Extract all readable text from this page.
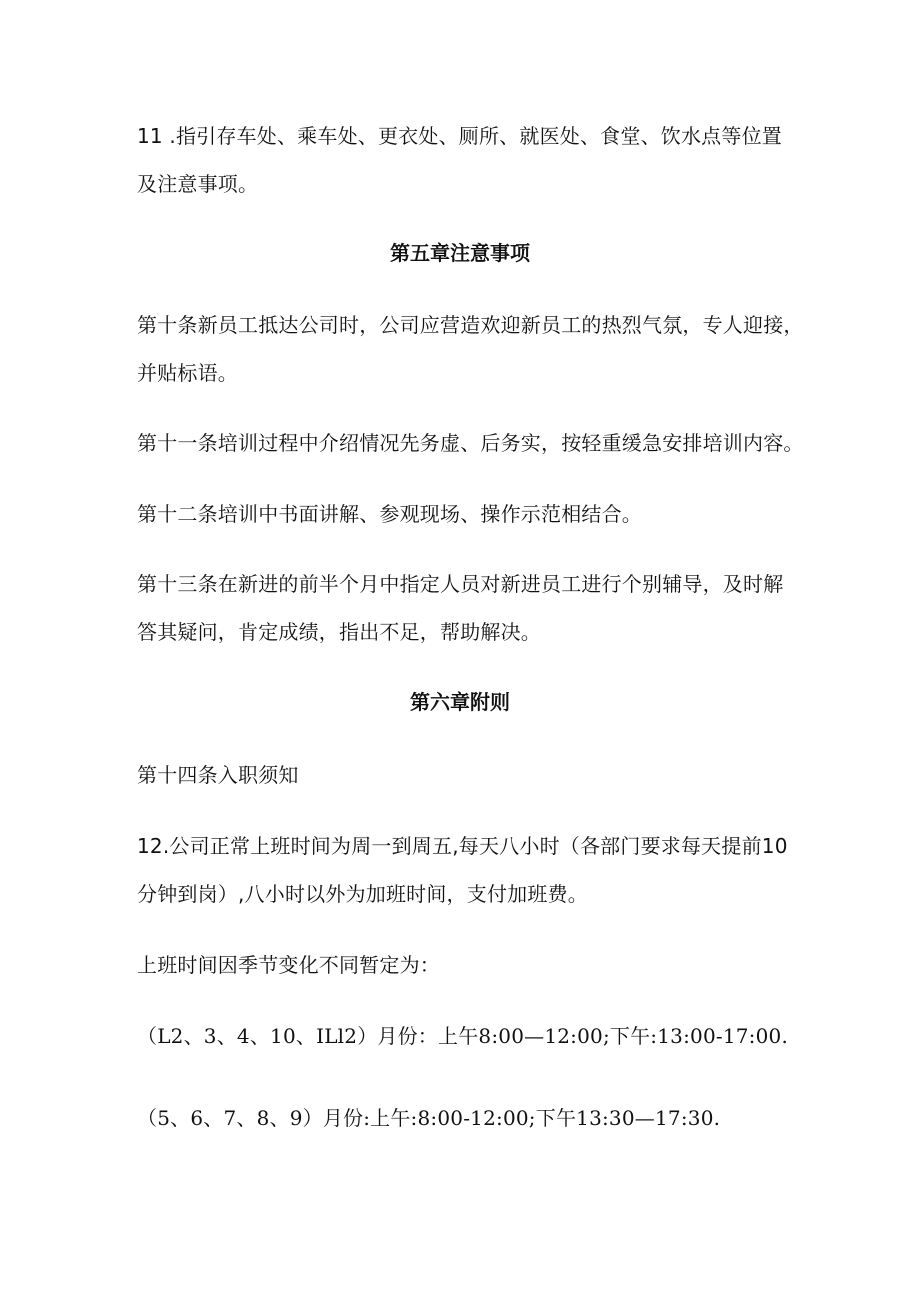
11 .指引存车处、乘车处、更衣处、厕所、就医处、食堂、饮水点等位置
及注意事项。
第五章注意事项
第十条新员工抵达公司时，公司应营造欢迎新员工的热烈气氛，专人迎接，
并贴标语。
第十一条培训过程中介绍情况先务虚、后务实，按轻重缓急安排培训内容。
第十二条培训中书面讲解、参观现场、操作示范相结合。
第十三条在新进的前半个月中指定人员对新进员工进行个别辅导，及时解
答其疑问，肯定成绩，指出不足，帮助解决。
第六章附则
第十四条入职须知
12.公司正常上班时间为周一到周五,每天八小时（各部门要求每天提前10
分钟到岗）,八小时以外为加班时间，支付加班费。
上班时间因季节变化不同暂定为：
（L2、3、4、10、ILl2）月份：上午8:00—12:00;下午:13:00-17:00.
（5、6、7、8、9）月份:上午:8:00-12:00;下午13:30—17:30.
